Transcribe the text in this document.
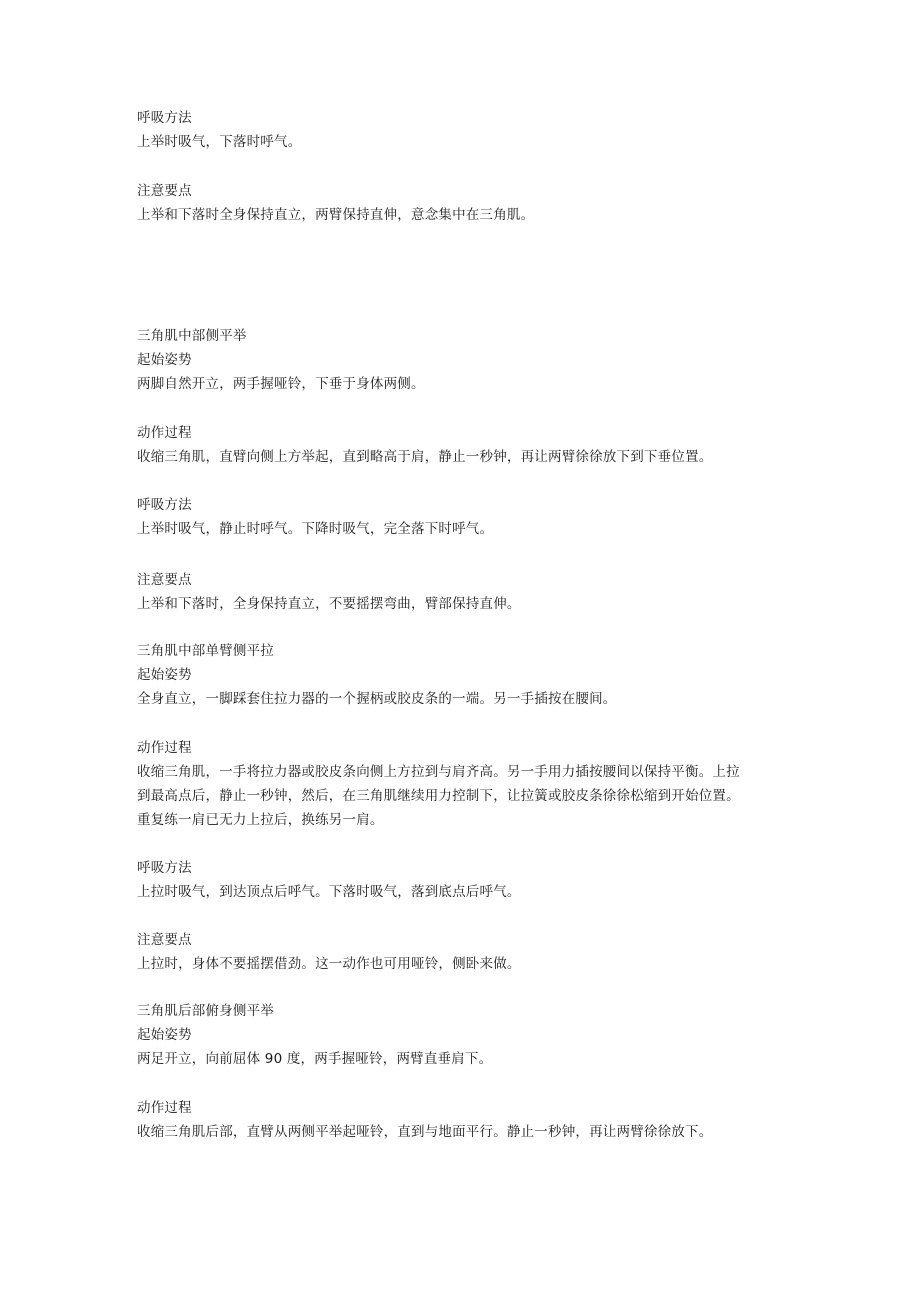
呼吸方法
上举时吸气，下落时呼气。
注意要点
上举和下落时全身保持直立，两臂保持直伸，意念集中在三角肌。
三角肌中部侧平举
起始姿势
两脚自然开立，两手握哑铃，下垂于身体两侧。
动作过程
收缩三角肌，直臂向侧上方举起，直到略高于肩，静止一秒钟，再让两臂徐徐放下到下垂位置。
呼吸方法
上举时吸气，静止时呼气。下降时吸气，完全落下时呼气。
注意要点
上举和下落时，全身保持直立，不要摇摆弯曲，臂部保持直伸。
三角肌中部单臂侧平拉
起始姿势
全身直立，一脚踩套住拉力器的一个握柄或胶皮条的一端。另一手插按在腰间。
动作过程
收缩三角肌，一手将拉力器或胶皮条向侧上方拉到与肩齐高。另一手用力插按腰间以保持平衡。上拉
到最高点后，静止一秒钟，然后，在三角肌继续用力控制下，让拉簧或胶皮条徐徐松缩到开始位置。
重复练一肩已无力上拉后，换练另一肩。
呼吸方法
上拉时吸气，到达顶点后呼气。下落时吸气，落到底点后呼气。
注意要点
上拉时，身体不要摇摆借劲。这一动作也可用哑铃，侧卧来做。
三角肌后部俯身侧平举
起始姿势
两足开立，向前屈体 90 度，两手握哑铃，两臂直垂肩下。
动作过程
收缩三角肌后部，直臂从两侧平举起哑铃，直到与地面平行。静止一秒钟，再让两臂徐徐放下。
